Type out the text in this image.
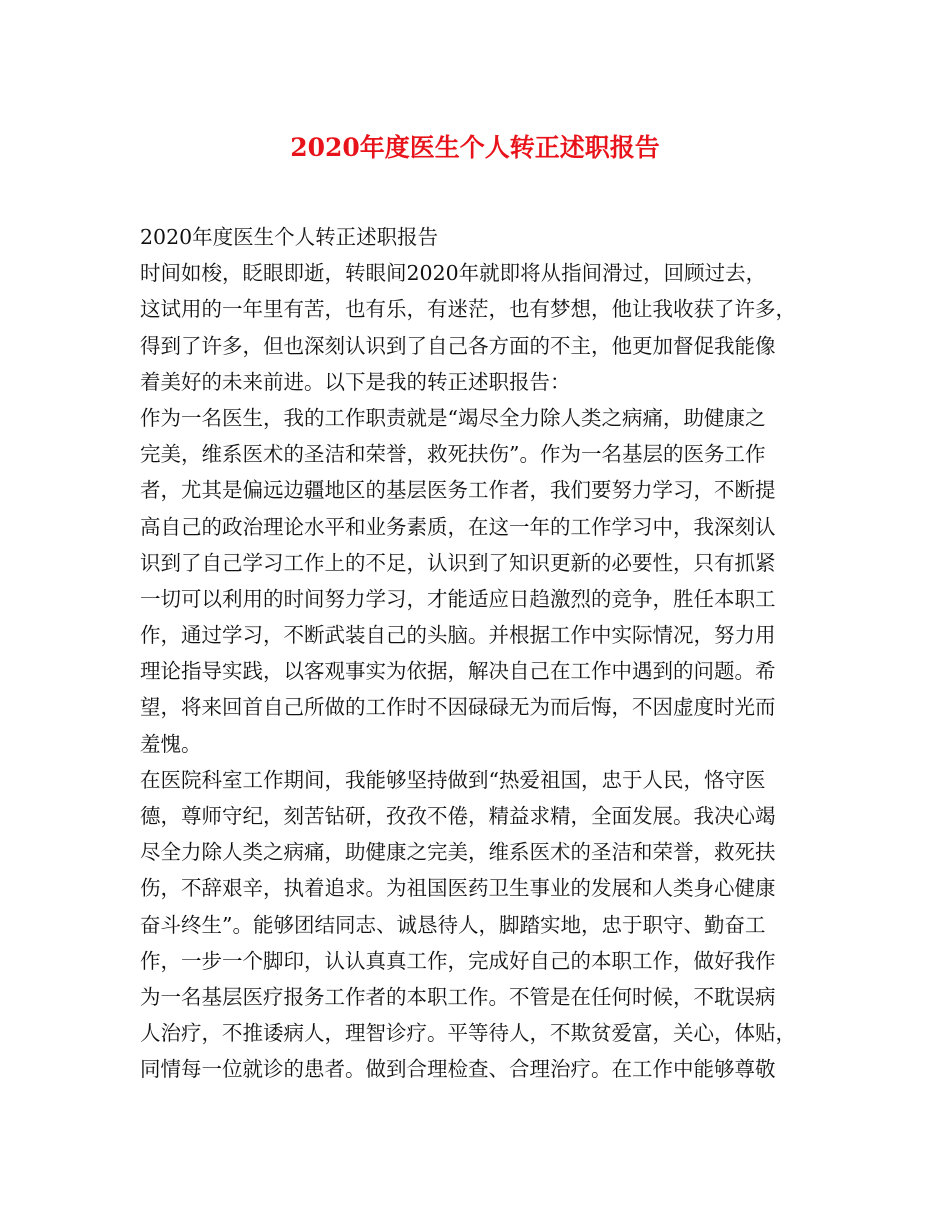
2020年度医生个人转正述职报告
2020年度医生个人转正述职报告
时间如梭，眨眼即逝，转眼间2020年就即将从指间滑过，回顾过去，
这试用的一年里有苦，也有乐，有迷茫，也有梦想，他让我收获了许多，
得到了许多，但也深刻认识到了自己各方面的不主，他更加督促我能像
着美好的未来前进。以下是我的转正述职报告：
作为一名医生，我的工作职责就是“竭尽全力除人类之病痛，助健康之
完美，维系医术的圣洁和荣誉，救死扶伤”。作为一名基层的医务工作
者，尤其是偏远边疆地区的基层医务工作者，我们要努力学习，不断提
高自己的政治理论水平和业务素质，在这一年的工作学习中，我深刻认
识到了自己学习工作上的不足，认识到了知识更新的必要性，只有抓紧
一切可以利用的时间努力学习，才能适应日趋激烈的竞争，胜任本职工
作，通过学习，不断武装自己的头脑。并根据工作中实际情况，努力用
理论指导实践，以客观事实为依据，解决自己在工作中遇到的问题。希
望，将来回首自己所做的工作时不因碌碌无为而后悔，不因虚度时光而
羞愧。
在医院科室工作期间，我能够坚持做到“热爱祖国，忠于人民，恪守医
德，尊师守纪，刻苦钻研，孜孜不倦，精益求精，全面发展。我决心竭
尽全力除人类之病痛，助健康之完美，维系医术的圣洁和荣誉，救死扶
伤，不辞艰辛，执着追求。为祖国医药卫生事业的发展和人类身心健康
奋斗终生”。能够团结同志、诚恳待人，脚踏实地，忠于职守、勤奋工
作，一步一个脚印，认认真真工作，完成好自己的本职工作，做好我作
为一名基层医疗报务工作者的本职工作。不管是在任何时候，不耽误病
人治疗，不推诿病人，理智诊疗。平等待人，不欺贫爱富，关心，体贴，
同情每一位就诊的患者。做到合理检查、合理治疗。在工作中能够尊敬
